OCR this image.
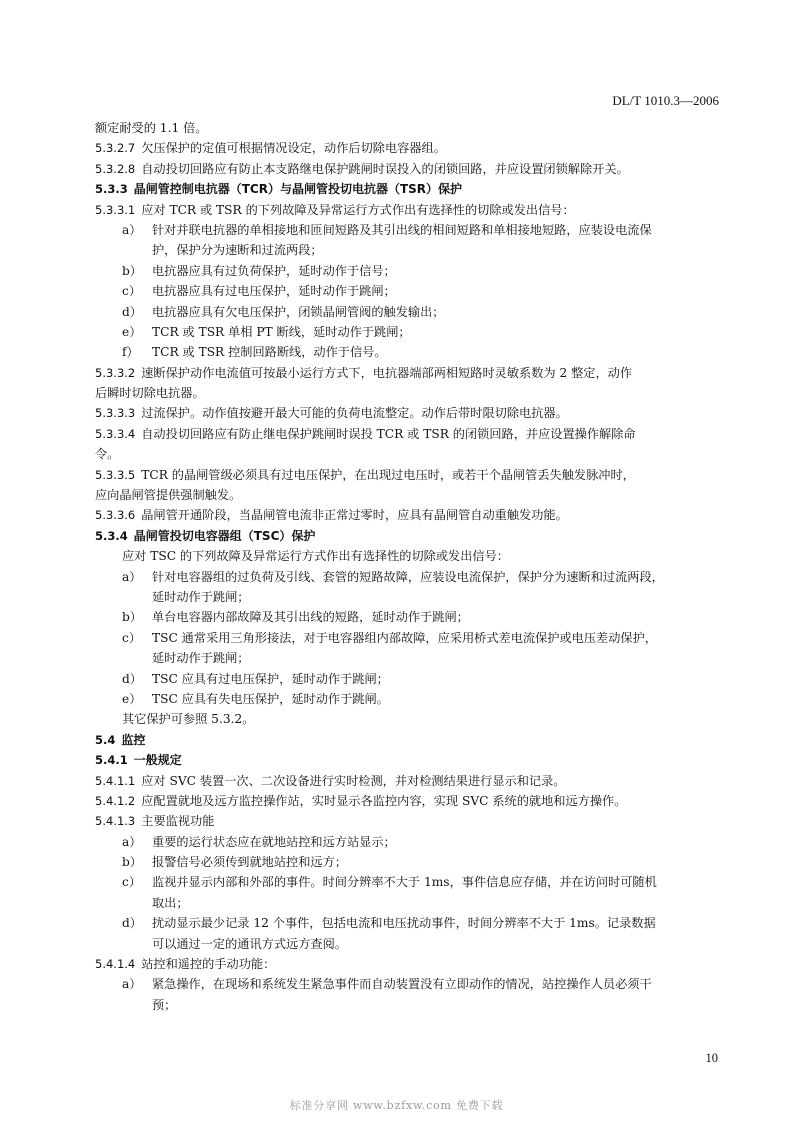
DL/T 1010.3—2006
额定耐受的 1.1 倍。
5.3.2.7 欠压保护的定值可根据情况设定，动作后切除电容器组。
5.3.2.8 自动投切回路应有防止本支路继电保护跳闸时误投入的闭锁回路，并应设置闭锁解除开关。
5.3.3 晶闸管控制电抗器（TCR）与晶闸管投切电抗器（TSR）保护
5.3.3.1 应对 TCR 或 TSR 的下列故障及异常运行方式作出有选择性的切除或发出信号：
a） 针对并联电抗器的单相接地和匝间短路及其引出线的相间短路和单相接地短路，应装设电流保
护，保护分为速断和过流两段；
b） 电抗器应具有过负荷保护，延时动作于信号；
c） 电抗器应具有过电压保护，延时动作于跳闸；
d） 电抗器应具有欠电压保护，闭锁晶闸管阀的触发输出；
e） TCR 或 TSR 单相 PT 断线，延时动作于跳闸；
f） TCR 或 TSR 控制回路断线，动作于信号。
5.3.3.2 速断保护动作电流值可按最小运行方式下，电抗器端部两相短路时灵敏系数为 2 整定，动作
后瞬时切除电抗器。
5.3.3.3 过流保护。动作值按避开最大可能的负荷电流整定。动作后带时限切除电抗器。
5.3.3.4 自动投切回路应有防止继电保护跳闸时误投 TCR 或 TSR 的闭锁回路，并应设置操作解除命
令。
5.3.3.5 TCR 的晶闸管级必须具有过电压保护，在出现过电压时，或若干个晶闸管丢失触发脉冲时，
应向晶闸管提供强制触发。
5.3.3.6 晶闸管开通阶段，当晶闸管电流非正常过零时，应具有晶闸管自动重触发功能。
5.3.4 晶闸管投切电容器组（TSC）保护
应对 TSC 的下列故障及异常运行方式作出有选择性的切除或发出信号：
a） 针对电容器组的过负荷及引线、套管的短路故障，应装设电流保护，保护分为速断和过流两段，
延时动作于跳闸；
b） 单台电容器内部故障及其引出线的短路，延时动作于跳闸；
c） TSC 通常采用三角形接法，对于电容器组内部故障，应采用桥式差电流保护或电压差动保护，
延时动作于跳闸；
d） TSC 应具有过电压保护，延时动作于跳闸；
e） TSC 应具有失电压保护，延时动作于跳闸。
其它保护可参照 5.3.2。
5.4 监控
5.4.1 一般规定
5.4.1.1 应对 SVC 装置一次、二次设备进行实时检测，并对检测结果进行显示和记录。
5.4.1.2 应配置就地及远方监控操作站，实时显示各监控内容，实现 SVC 系统的就地和远方操作。
5.4.1.3 主要监视功能
a） 重要的运行状态应在就地站控和远方站显示；
b） 报警信号必须传到就地站控和远方；
c） 监视并显示内部和外部的事件。时间分辨率不大于 1ms，事件信息应存储，并在访问时可随机
取出；
d） 扰动显示最少记录 12 个事件，包括电流和电压扰动事件，时间分辨率不大于 1ms。记录数据
可以通过一定的通讯方式远方查阅。
5.4.1.4 站控和遥控的手动功能：
a） 紧急操作，在现场和系统发生紧急事件而自动装置没有立即动作的情况，站控操作人员必须干
预；
10
标准分享网 www.bzfxw.com 免费下载
